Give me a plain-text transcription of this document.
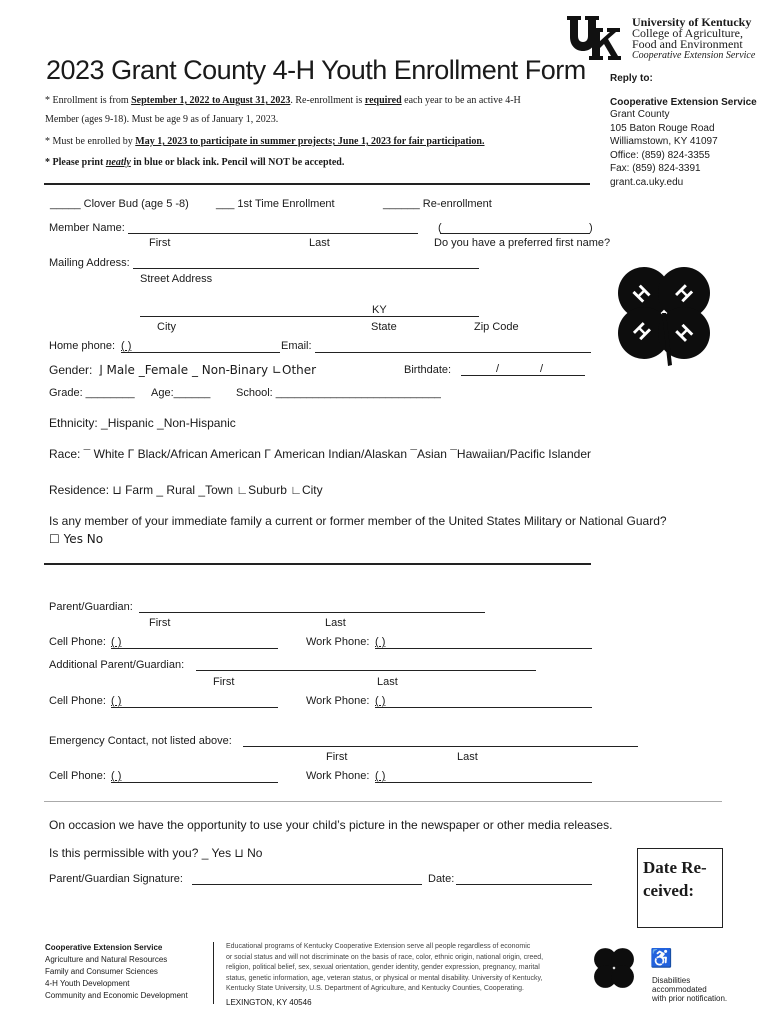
University of Kentucky
College of Agriculture,
Food and Environment
Cooperative Extension Service
2023 Grant County 4-H Youth Enrollment Form Reply to:
Cooperative Extension Service
Grant County
105 Baton Rouge Road
Williamstown, KY 41097
Office: (859) 824-3355
Fax: (859) 824-3391
grant.ca.uky.edu
* Enrollment is from September 1, 2022 to August 31, 2023. Re-enrollment is required each year to be an active 4-H
Member (ages 9-18). Must be age 9 as of January 1, 2023.
* Must be enrolled by May 1, 2023 to participate in summer projects; June 1, 2023 for fair participation.
* Please print neatly in blue or black ink. Pencil will NOT be accepted.
_____ Clover Bud (age 5 -8) ___ 1st Time Enrollment	______ Re-enrollment
Member Name:	(	)
First	Last	Do you have a preferred first name?
Mailing Address:
Street Address
KY
City	State	Zip Code
Home phone: ( )	Email:
Gender: ⌋ Male _Female _ Non-Binary ∟Other	Birthdate:	/	/
Grade: ________ Age:______ School: ___________________________
Ethnicity: _Hispanic _Non-Hispanic
Race: ¯ White Γ Black/African American Γ American Indian/Alaskan ¯Asian ¯Hawaiian/Pacific Islander
Residence: ⊔ Farm _ Rural _Town ∟Suburb ∟City
Is any member of your immediate family a current or former member of the United States Military or National Guard?
☐ Yes No
Parent/Guardian:
First	Last
Cell Phone: ( )	Work Phone: ( )
Additional Parent/Guardian:
First	Last
Cell Phone: ( )	Work Phone: ( )
Emergency Contact, not listed above:
First	Last
Cell Phone: ( )	Work Phone: ( )
On occasion we have the opportunity to use your child’s picture in the newspaper or other media releases.
Is this permissible with you? _ Yes ⊔ No
Parent/Guardian Signature:	Date:
Date Re-
ceived:
H H
H H
Cooperative Extension Service
Agriculture and Natural Resources
Family and Consumer Sciences
4-H Youth Development
Community and Economic Development
Educational programs of Kentucky Cooperative Extension serve all people regardless of economic
or social status and will not discriminate on the basis of race, color, ethnic origin, national origin, creed,
religion, political belief, sex, sexual orientation, gender identity, gender expression, pregnancy, marital
status, genetic information, age, veteran status, or physical or mental disability. University of Kentucky,
Kentucky State University, U.S. Department of Agriculture, and Kentucky Counties, Cooperating.
LEXINGTON, KY 40546
♿
Disabilities
accommodated
with prior notification.
